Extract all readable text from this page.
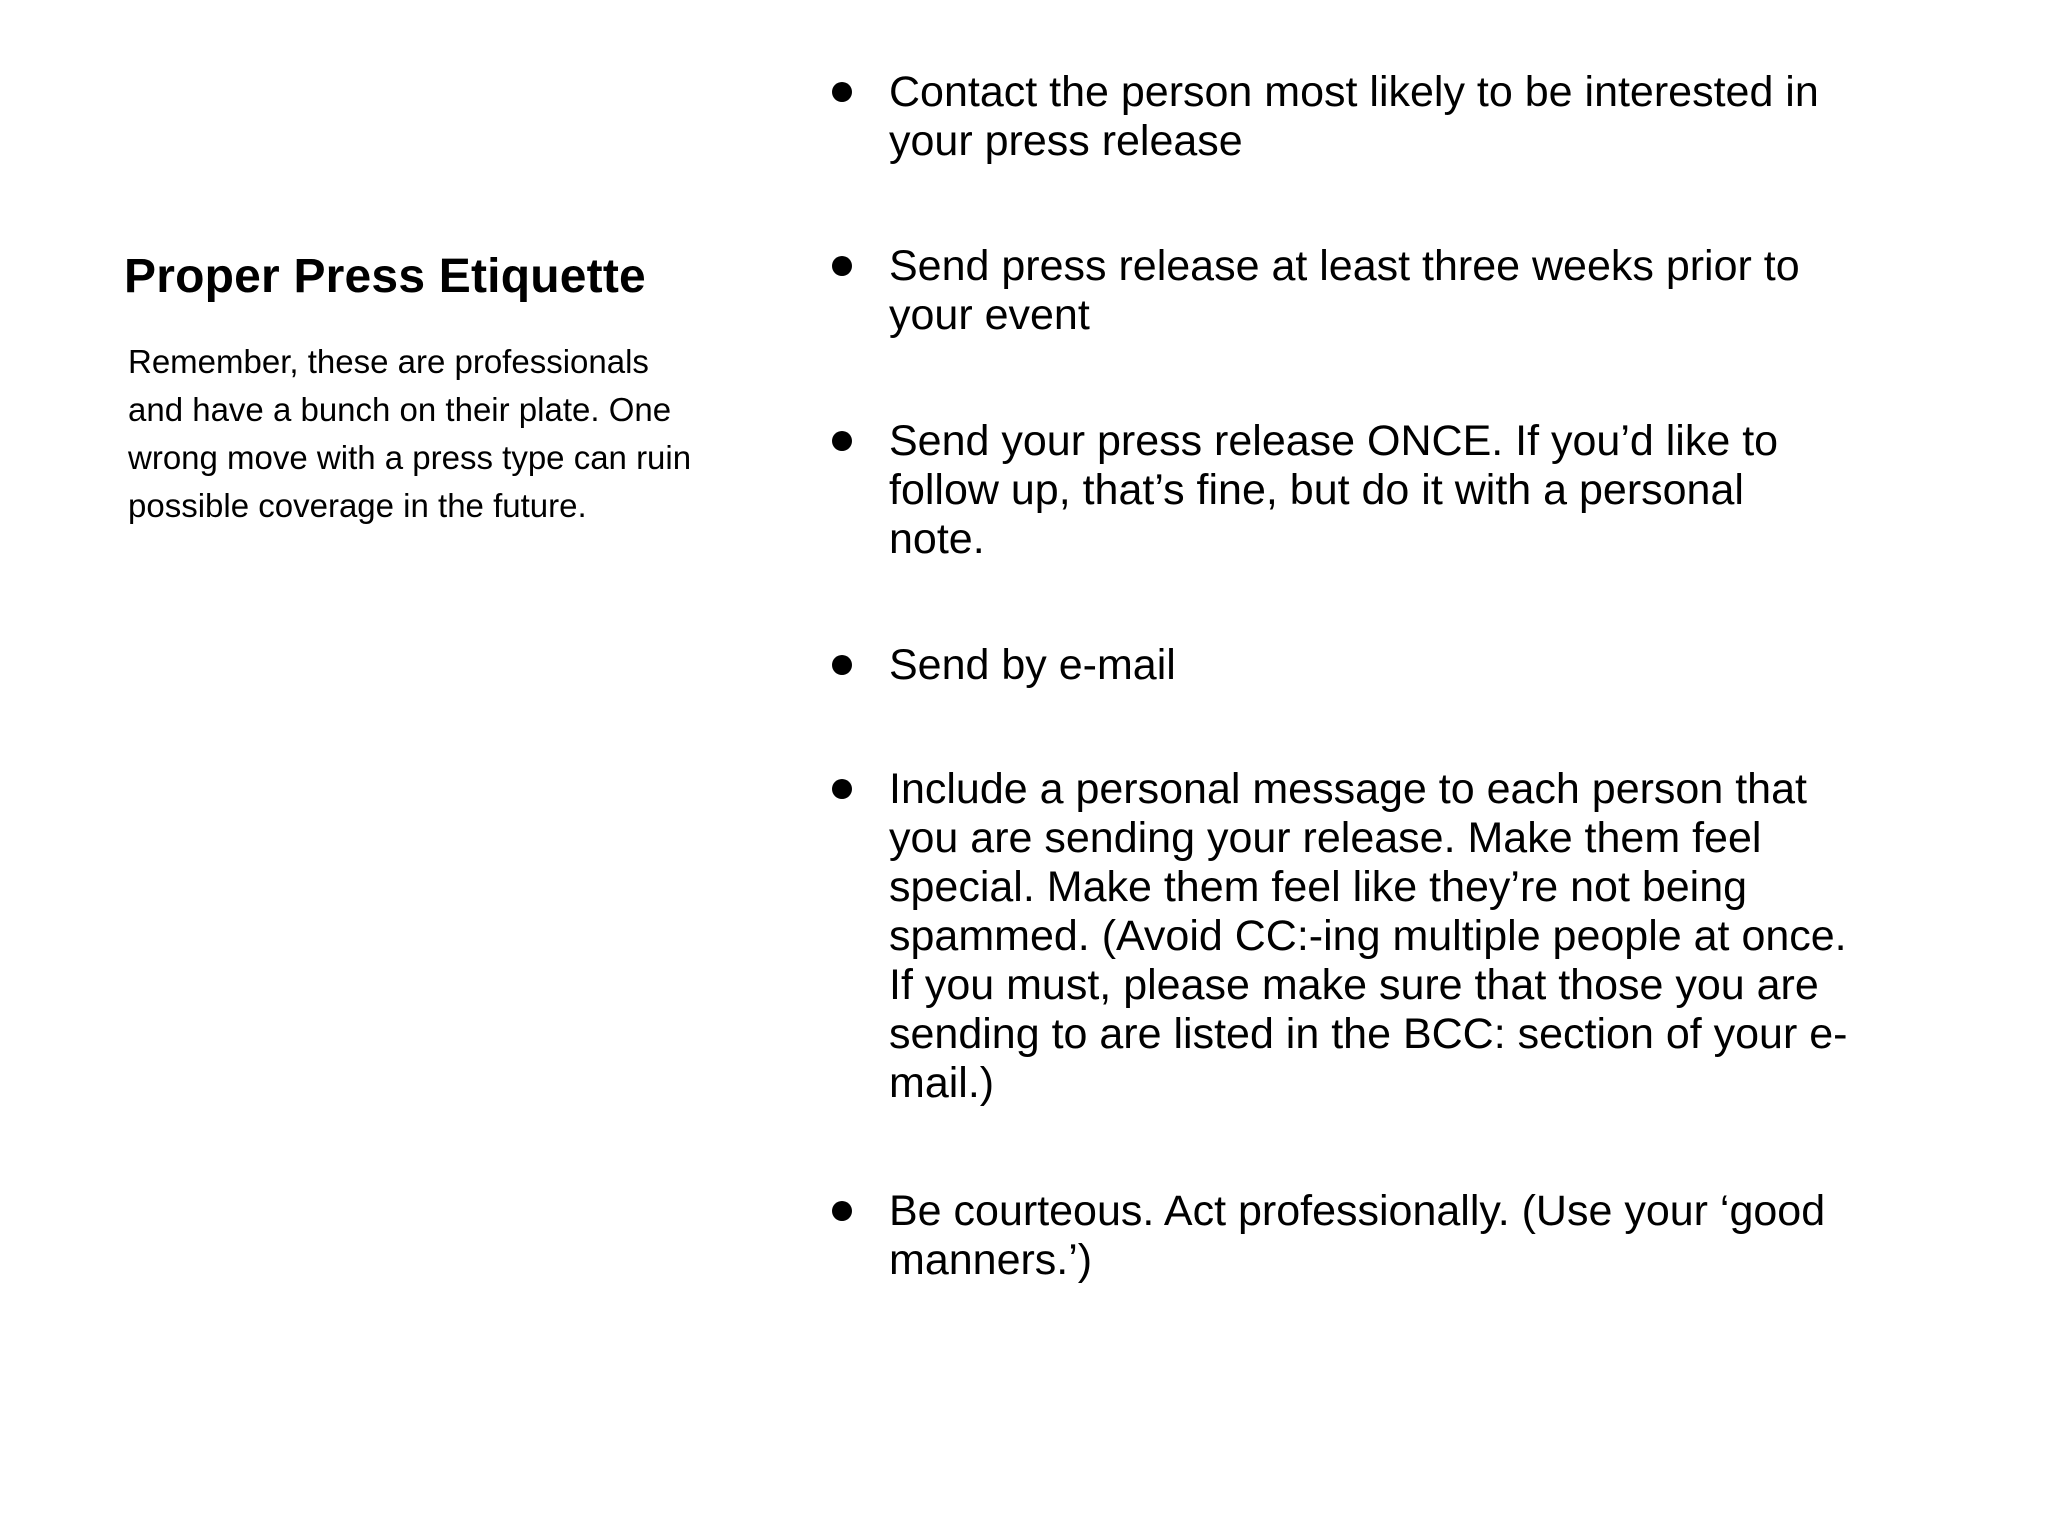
Proper Press Etiquette

Remember, these are professionals
and have a bunch on their plate. One
wrong move with a press type can ruin
possible coverage in the future.

Contact the person most likely to be interested in
your press release

Send press release at least three weeks prior to
your event

Send your press release ONCE. If you’d like to
follow up, that’s fine, but do it with a personal
note.

Send by e-mail

Include a personal message to each person that
you are sending your release. Make them feel
special. Make them feel like they’re not being
spammed. (Avoid CC:-ing multiple people at once.
If you must, please make sure that those you are
sending to are listed in the BCC: section of your e-
mail.)

Be courteous. Act professionally. (Use your ‘good
manners.’)
